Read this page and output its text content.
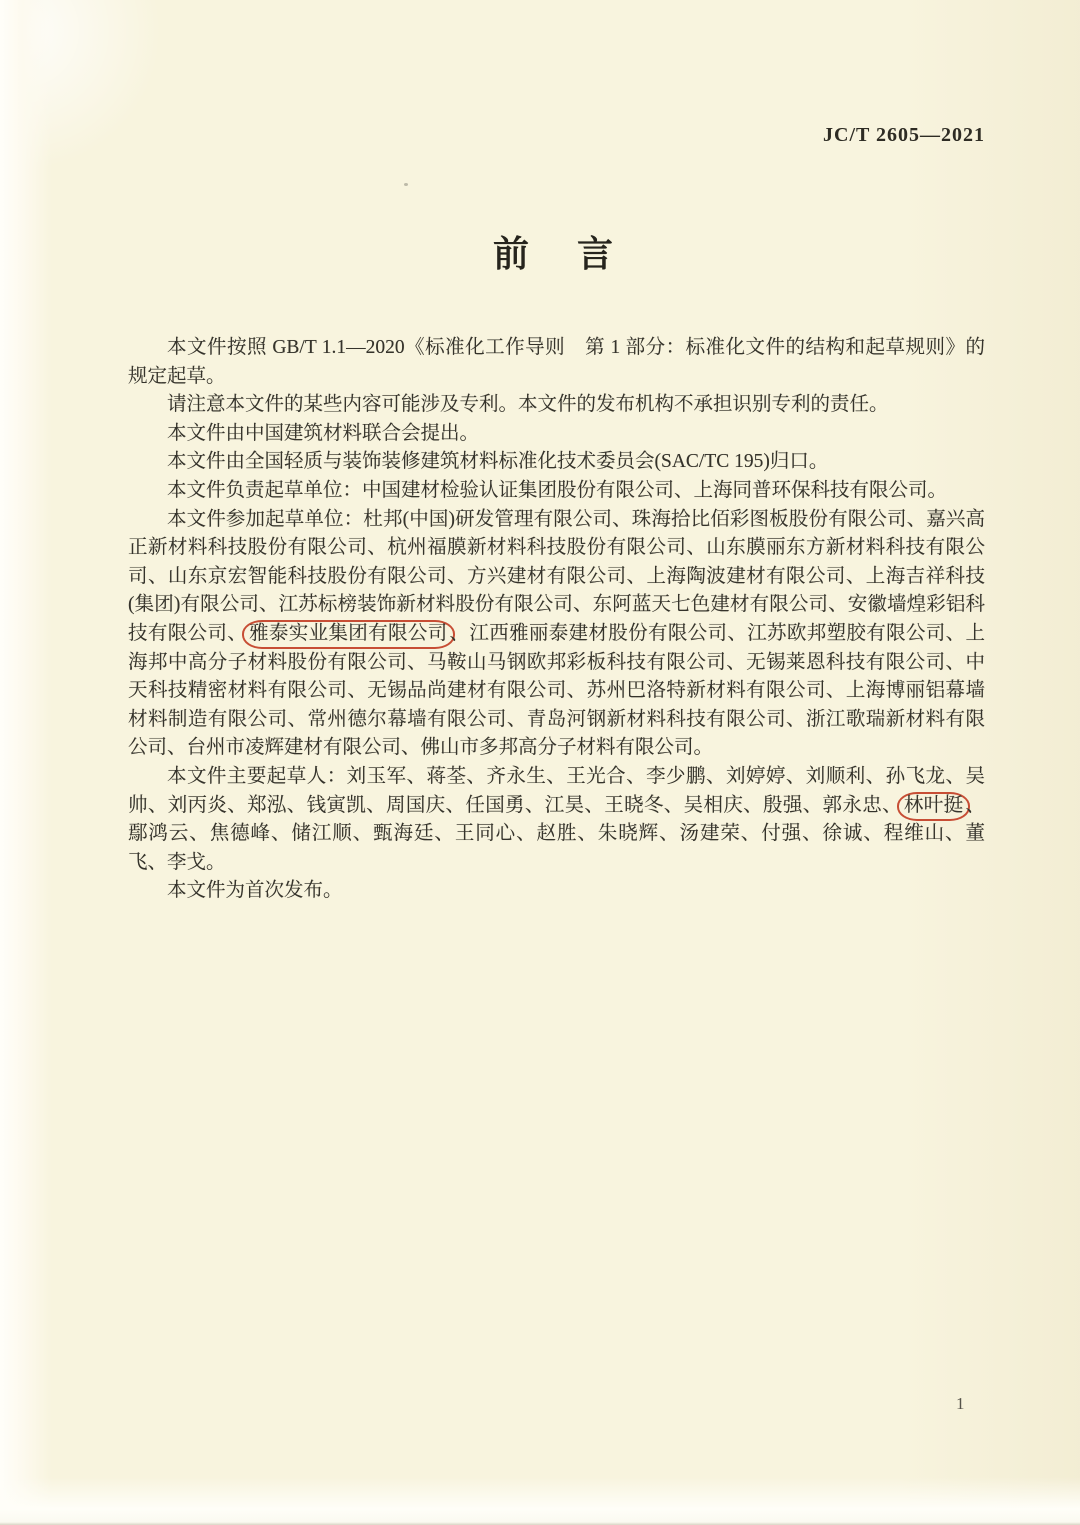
JC/T 2605—2021
前　言

本文件按照 GB/T 1.1—2020《标准化工作导则　第 1 部分：标准化文件的结构和起草规则》的规定起草。

请注意本文件的某些内容可能涉及专利。本文件的发布机构不承担识别专利的责任。

本文件由中国建筑材料联合会提出。

本文件由全国轻质与装饰装修建筑材料标准化技术委员会(SAC/TC 195)归口。

本文件负责起草单位：中国建材检验认证集团股份有限公司、上海同普环保科技有限公司。

本文件参加起草单位：杜邦(中国)研发管理有限公司、珠海拾比佰彩图板股份有限公司、嘉兴高正新材料科技股份有限公司、杭州福膜新材料科技股份有限公司、山东膜丽东方新材料科技有限公司、山东京宏智能科技股份有限公司、方兴建材有限公司、上海陶波建材有限公司、上海吉祥科技(集团)有限公司、江苏标榜装饰新材料股份有限公司、东阿蓝天七色建材有限公司、安徽墙煌彩铝科技有限公司、 雅泰实业集团有限公司 、江西雅丽泰建材股份有限公司、江苏欧邦塑胶有限公司、上海邦中高分子材料股份有限公司、马鞍山马钢欧邦彩板科技有限公司、无锡莱恩科技有限公司、中天科技精密材料有限公司、无锡品尚建材有限公司、苏州巴洛特新材料有限公司、上海博丽铝幕墙材料制造有限公司、常州德尔幕墙有限公司、青岛河钢新材料科技有限公司、浙江歌瑞新材料有限公司、台州市凌辉建材有限公司、佛山市多邦高分子材料有限公司。

本文件主要起草人：刘玉军、蒋荃、齐永生、王光合、李少鹏、刘婷婷、刘顺利、孙飞龙、吴帅、刘丙炎、郑泓、钱寅凯、周国庆、任国勇、江昊、王晓冬、吴相庆、殷强、郭永忠、 林叶挺 、鄢鸿云、焦德峰、储江顺、甄海廷、王同心、赵胜、朱晓辉、汤建荣、付强、徐诚、程维山、董飞、李戈。

本文件为首次发布。

1
